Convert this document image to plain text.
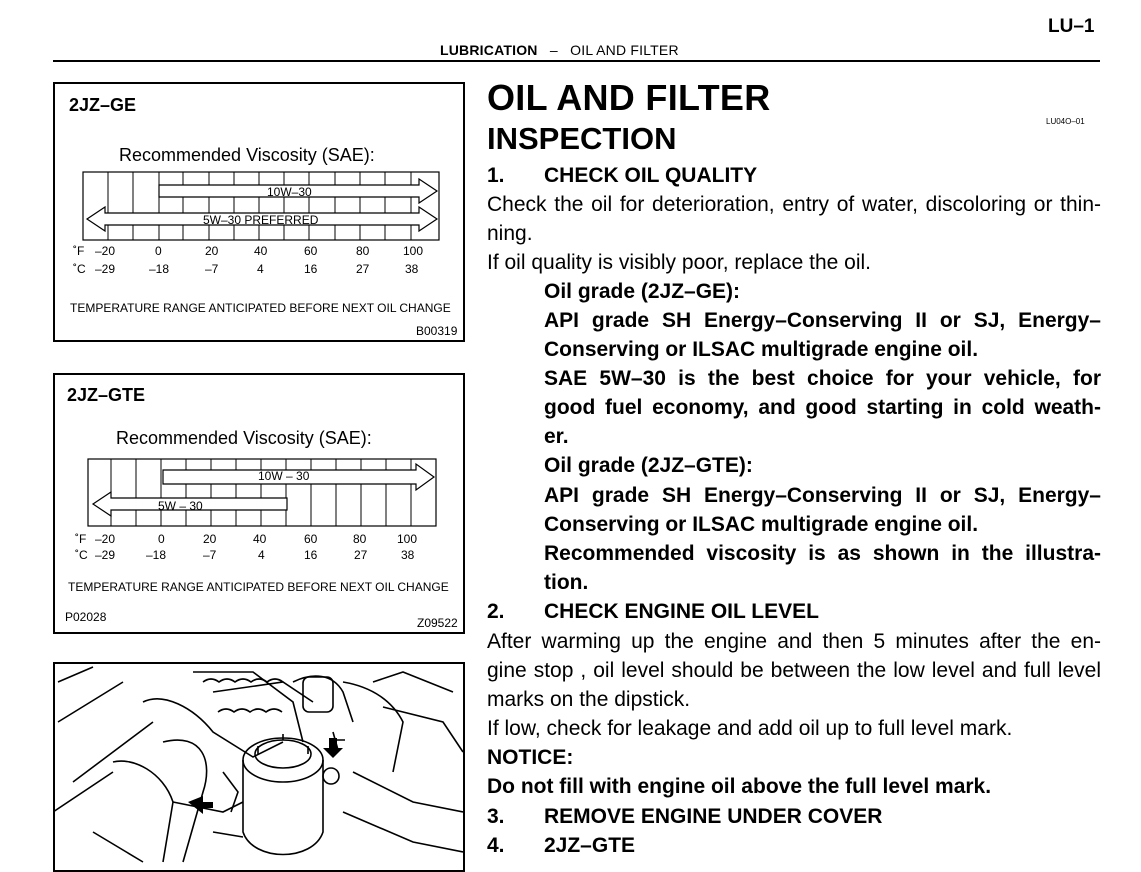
LU–1
LUBRICATION – OIL AND FILTER
2JZ–GE
Recommended Viscosity (SAE):
10W–30
5W–30 PREFERRED
˚F
˚C
–20	0	20	40	60	80	100
–29	–18	–7	4	16	27	38
TEMPERATURE RANGE ANTICIPATED BEFORE NEXT OIL CHANGE
B00319
2JZ–GTE
Recommended Viscosity (SAE):
10W – 30
5W – 30
˚F
˚C
–20	0	20	40	60	80	100
–29	–18	–7	4	16	27	38
TEMPERATURE RANGE ANTICIPATED BEFORE NEXT OIL CHANGE
P02028	Z09522
OIL AND FILTER
INSPECTION	LU04O–01
1. CHECK OIL QUALITY
Check the oil for deterioration, entry of water, discoloring or thin-
ning.
If oil quality is visibly poor, replace the oil.
Oil grade (2JZ–GE):
API grade SH Energy–Conserving II or SJ, Energy–
Conserving or ILSAC multigrade engine oil.
SAE 5W–30 is the best choice for your vehicle, for
good fuel economy, and good starting in cold weath-
er.
Oil grade (2JZ–GTE):
API grade SH Energy–Conserving II or SJ, Energy–
Conserving or ILSAC multigrade engine oil.
Recommended viscosity is as shown in the illustra-
tion.
2. CHECK ENGINE OIL LEVEL
After warming up the engine and then 5 minutes after the en-
gine stop , oil level should be between the low level and full level
marks on the dipstick.
If low, check for leakage and add oil up to full level mark.
NOTICE:
Do not fill with engine oil above the full level mark.
3. REMOVE ENGINE UNDER COVER
4. 2JZ–GTE
